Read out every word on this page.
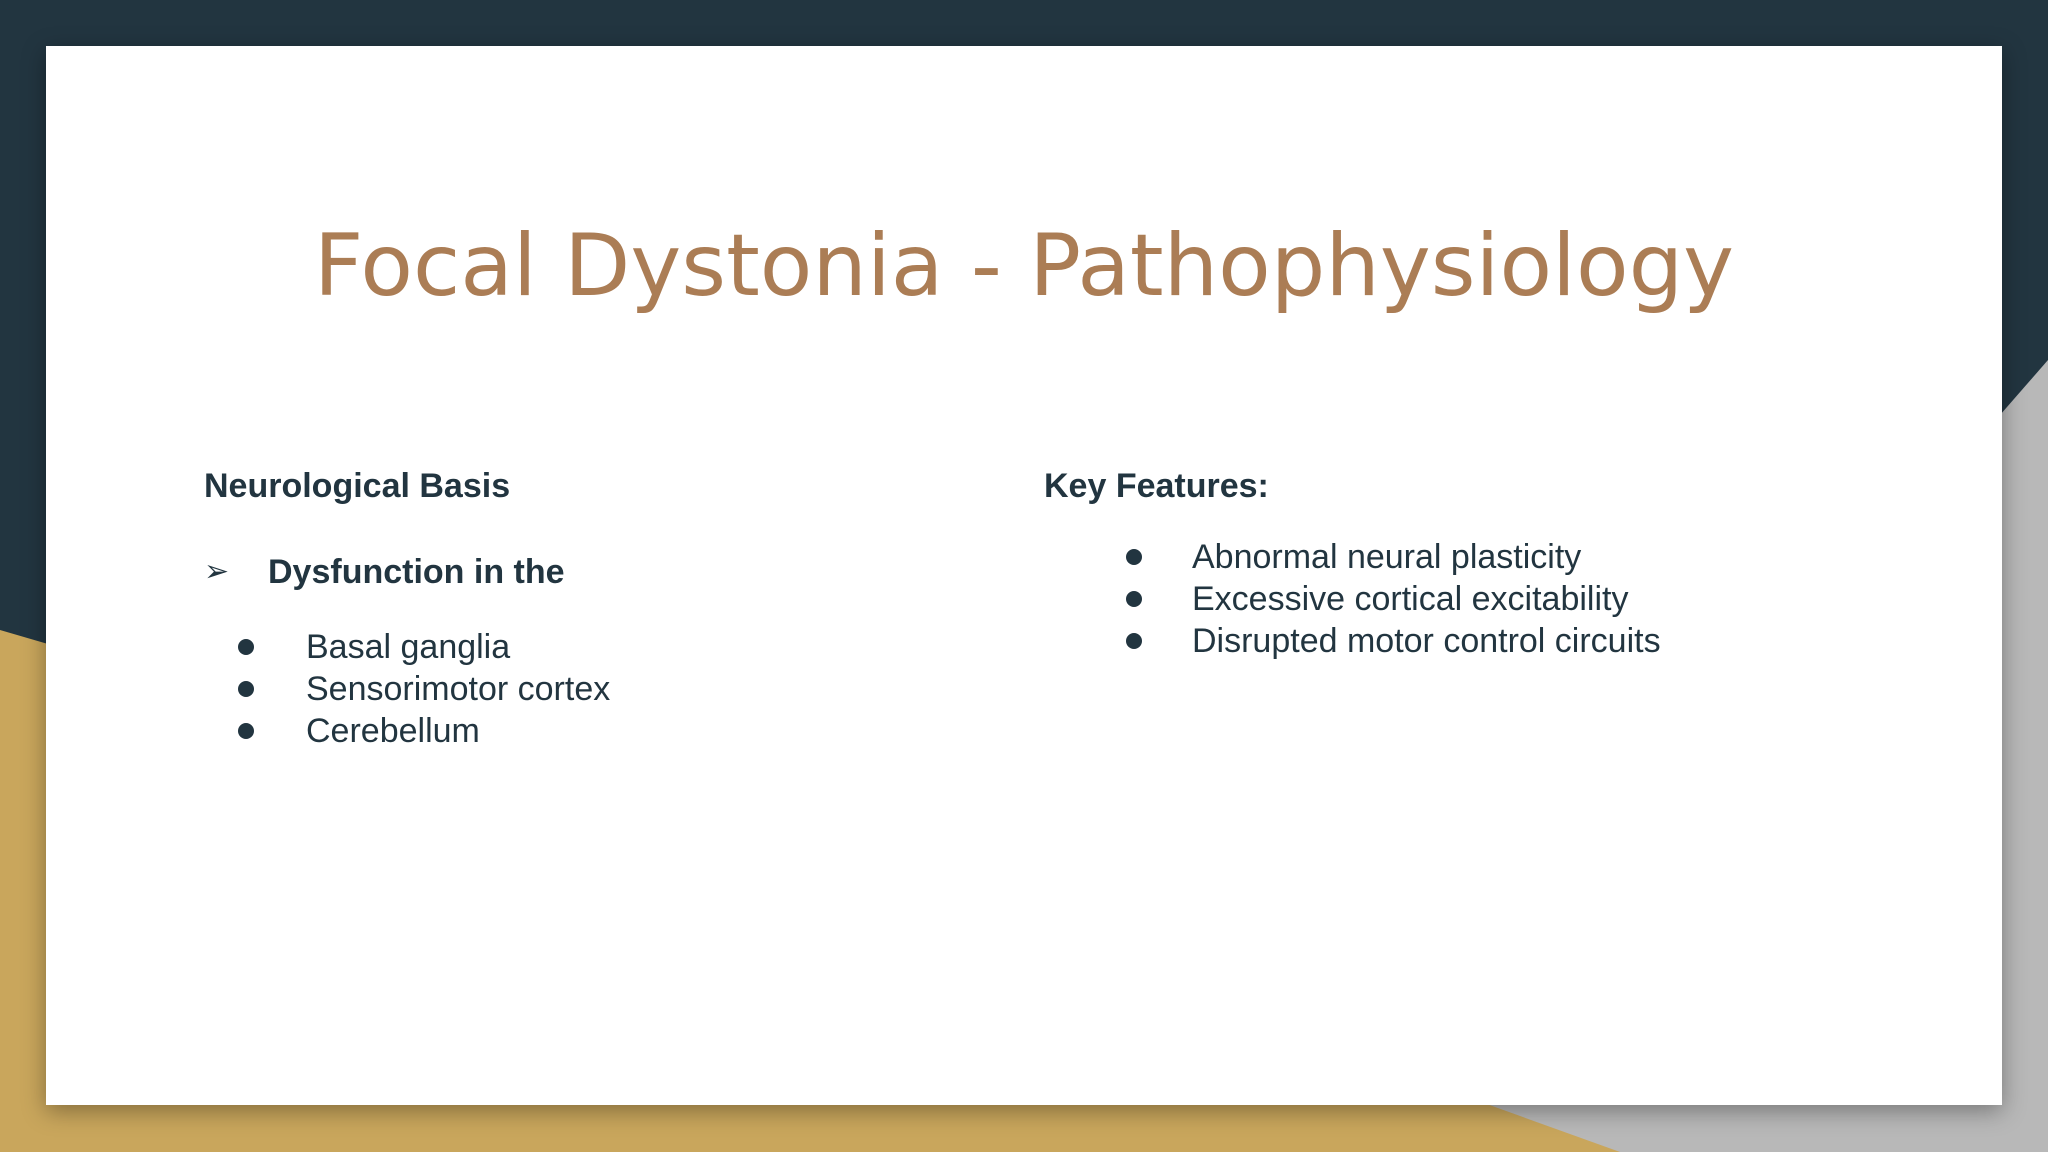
Focal Dystonia - Pathophysiology
Neurological Basis
➢	Dysfunction in the
Basal ganglia
Sensorimotor cortex
Cerebellum
Key Features:
Abnormal neural plasticity
Excessive cortical excitability
Disrupted motor control circuits
